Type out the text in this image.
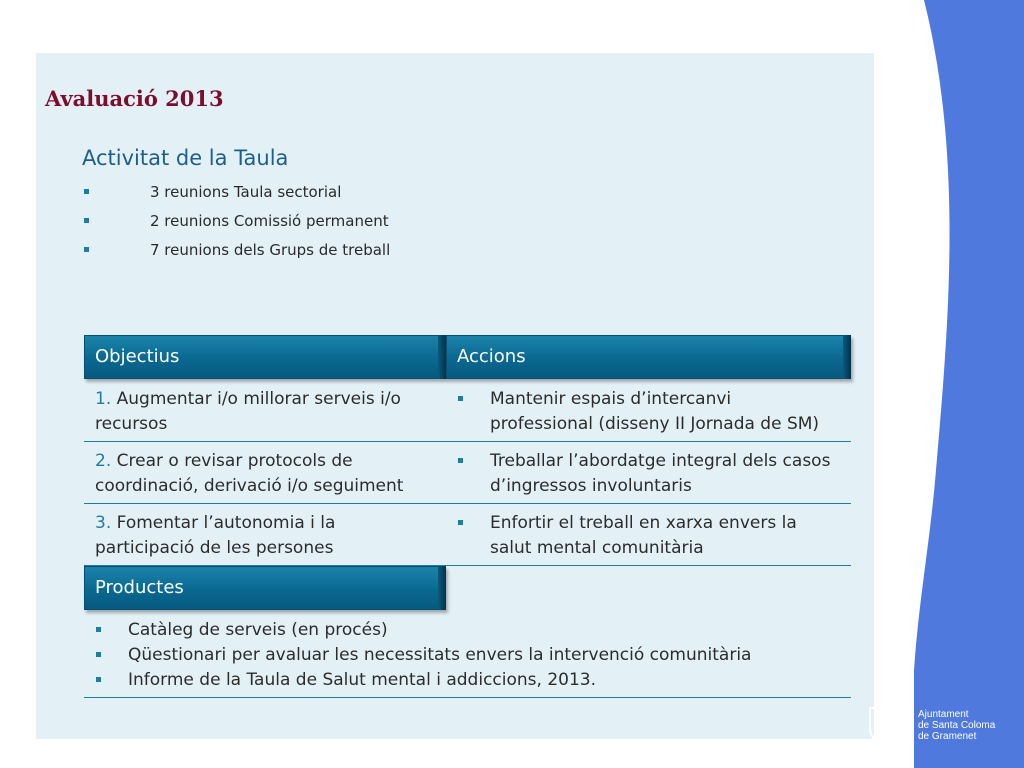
Avaluació 2013
Activitat de la Taula
3 reunions Taula sectorial
2 reunions Comissió permanent
7 reunions dels Grups de treball
Objectius	Accions
1. Augmentar i/o millorar serveis i/o recursos
Mantenir espais d’intercanvi professional (disseny II Jornada de SM)
2. Crear o revisar protocols de coordinació, derivació i/o seguiment
Treballar l’abordatge integral dels casos d’ingressos involuntaris
3. Fomentar l’autonomia i la participació de les persones
Enfortir el treball en xarxa envers la salut mental comunitària
Productes
Catàleg de serveis (en procés)
Qüestionari per avaluar les necessitats envers la intervenció comunitària
Informe de la Taula de Salut mental i addiccions, 2013.
Ajuntament
de Santa Coloma
de Gramenet
